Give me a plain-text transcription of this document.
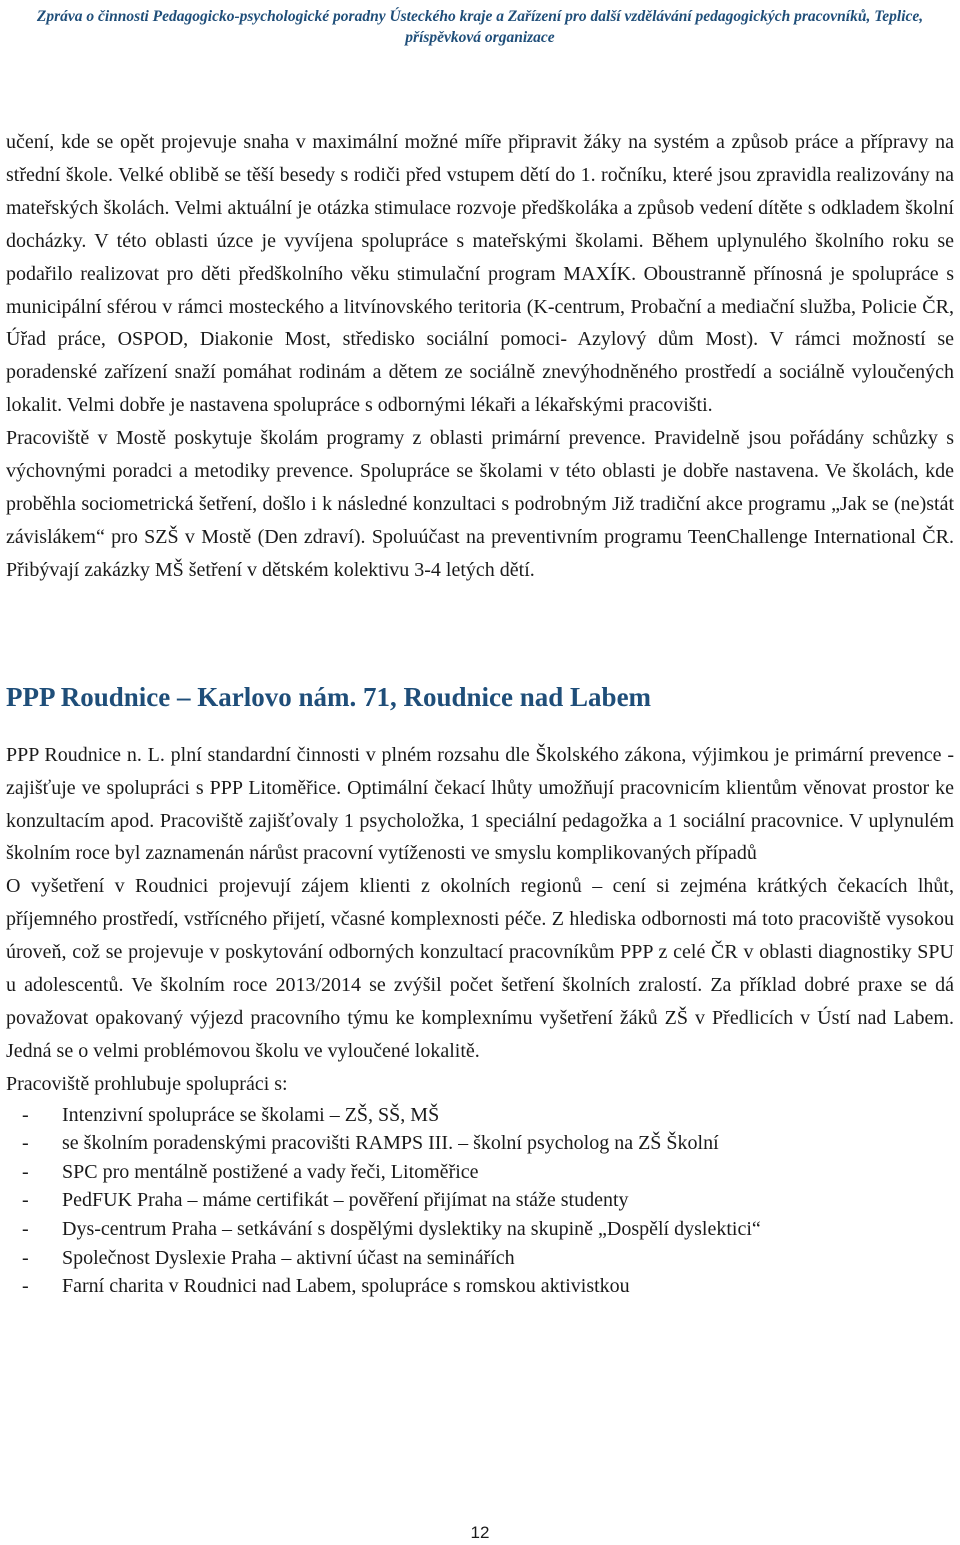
Zpráva o činnosti Pedagogicko-psychologické poradny Ústeckého kraje a Zařízení pro další vzdělávání pedagogických pracovníků, Teplice,
příspěvková organizace

učení, kde se opět projevuje snaha v maximální možné míře připravit žáky na systém a způsob práce a přípravy na střední škole. Velké oblibě se těší besedy s rodiči před vstupem dětí do 1. ročníku, které jsou zpravidla realizovány na mateřských školách. Velmi aktuální je otázka stimulace rozvoje předškoláka a způsob vedení dítěte s odkladem školní docházky. V této oblasti úzce je vyvíjena spolupráce s mateřskými školami. Během uplynulého školního roku se podařilo realizovat pro děti předškolního věku stimulační program MAXÍK. Oboustranně přínosná je spolupráce s municipální sférou v rámci mosteckého a litvínovského teritoria (K-centrum, Probační a mediační služba, Policie ČR, Úřad práce, OSPOD, Diakonie Most, středisko sociální pomoci- Azylový dům Most). V rámci možností se poradenské zařízení snaží pomáhat rodinám a dětem ze sociálně znevýhodněného prostředí a sociálně vyloučených lokalit. Velmi dobře je nastavena spolupráce s odbornými lékaři a lékařskými pracovišti.

Pracoviště v Mostě poskytuje školám programy z oblasti primární prevence. Pravidelně jsou pořádány schůzky s výchovnými poradci a metodiky prevence. Spolupráce se školami v této oblasti je dobře nastavena. Ve školách, kde proběhla sociometrická šetření, došlo i k následné konzultaci s podrobným Již tradiční akce programu „Jak se (ne)stát závislákem“ pro SZŠ v Mostě (Den zdraví). Spoluúčast na preventivním programu TeenChallenge International ČR. Přibývají zakázky MŠ šetření v dětském kolektivu 3-4 letých dětí.

PPP Roudnice – Karlovo nám. 71, Roudnice nad Labem

PPP Roudnice n. L. plní standardní činnosti v plném rozsahu dle Školského zákona, výjimkou je primární prevence - zajišťuje ve spolupráci s PPP Litoměřice. Optimální čekací lhůty umožňují pracovnicím klientům věnovat prostor ke konzultacím apod. Pracoviště zajišťovaly 1 psycholožka, 1 speciální pedagožka a 1 sociální pracovnice. V uplynulém školním roce byl zaznamenán nárůst pracovní vytíženosti ve smyslu komplikovaných případů

O vyšetření v Roudnici projevují zájem klienti z okolních regionů – cení si zejména krátkých čekacích lhůt, příjemného prostředí, vstřícného přijetí, včasné komplexnosti péče. Z hlediska odbornosti má toto pracoviště vysokou úroveň, což se projevuje v poskytování odborných konzultací pracovníkům PPP z celé ČR v oblasti diagnostiky SPU u adolescentů. Ve školním roce 2013/2014 se zvýšil počet šetření školních zralostí. Za příklad dobré praxe se dá považovat opakovaný výjezd pracovního týmu ke komplexnímu vyšetření žáků ZŠ v Předlicích v Ústí nad Labem. Jedná se o velmi problémovou školu ve vyloučené lokalitě.

Pracoviště prohlubuje spolupráci s:

- Intenzivní spolupráce se školami – ZŠ, SŠ, MŠ
- se školním poradenskými pracovišti RAMPS III. – školní psycholog na ZŠ Školní
- SPC pro mentálně postižené a vady řeči, Litoměřice
- PedFUK Praha – máme certifikát – pověření přijímat na stáže studenty
- Dys-centrum Praha – setkávání s dospělými dyslektiky na skupině „Dospělí dyslektici“
- Společnost Dyslexie Praha – aktivní účast na seminářích
- Farní charita v Roudnici nad Labem, spolupráce s romskou aktivistkou
12
